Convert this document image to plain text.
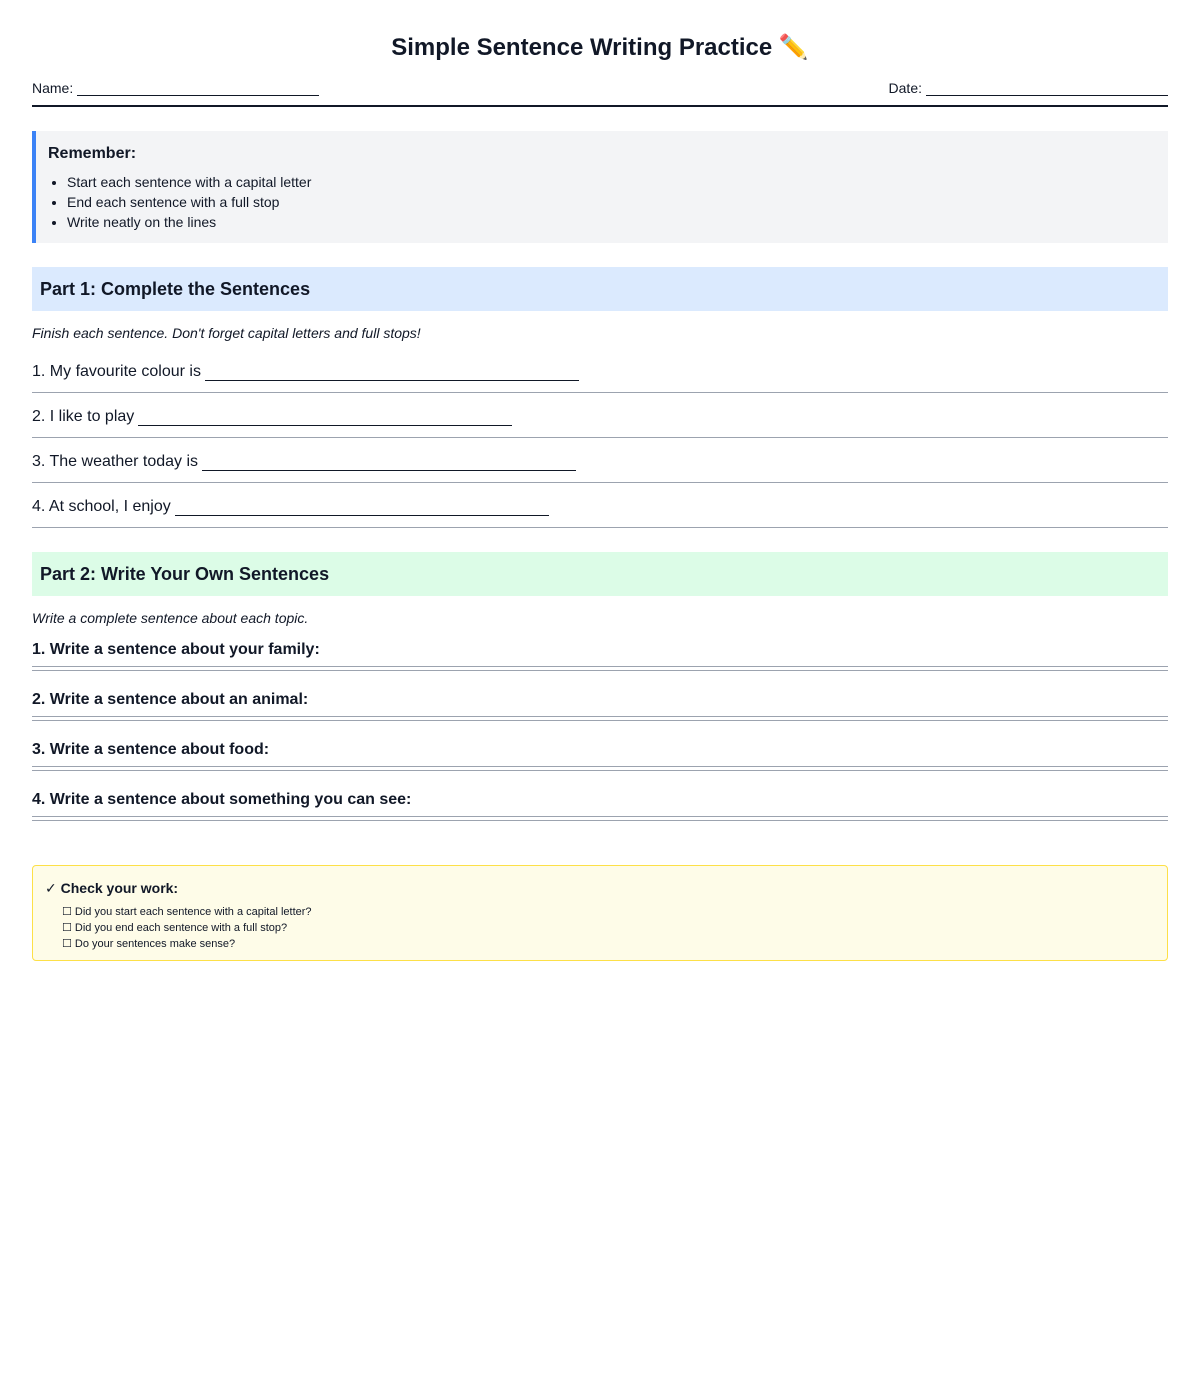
Simple Sentence Writing Practice ✏️
Name:	Date:
Remember:
• Start each sentence with a capital letter
• End each sentence with a full stop
• Write neatly on the lines
Part 1: Complete the Sentences
Finish each sentence. Don't forget capital letters and full stops!
1. My favourite colour is
2. I like to play
3. The weather today is
4. At school, I enjoy
Part 2: Write Your Own Sentences
Write a complete sentence about each topic.
1. Write a sentence about your family:
2. Write a sentence about an animal:
3. Write a sentence about food:
4. Write a sentence about something you can see:
✓ Check your work:
☐ Did you start each sentence with a capital letter?
☐ Did you end each sentence with a full stop?
☐ Do your sentences make sense?
